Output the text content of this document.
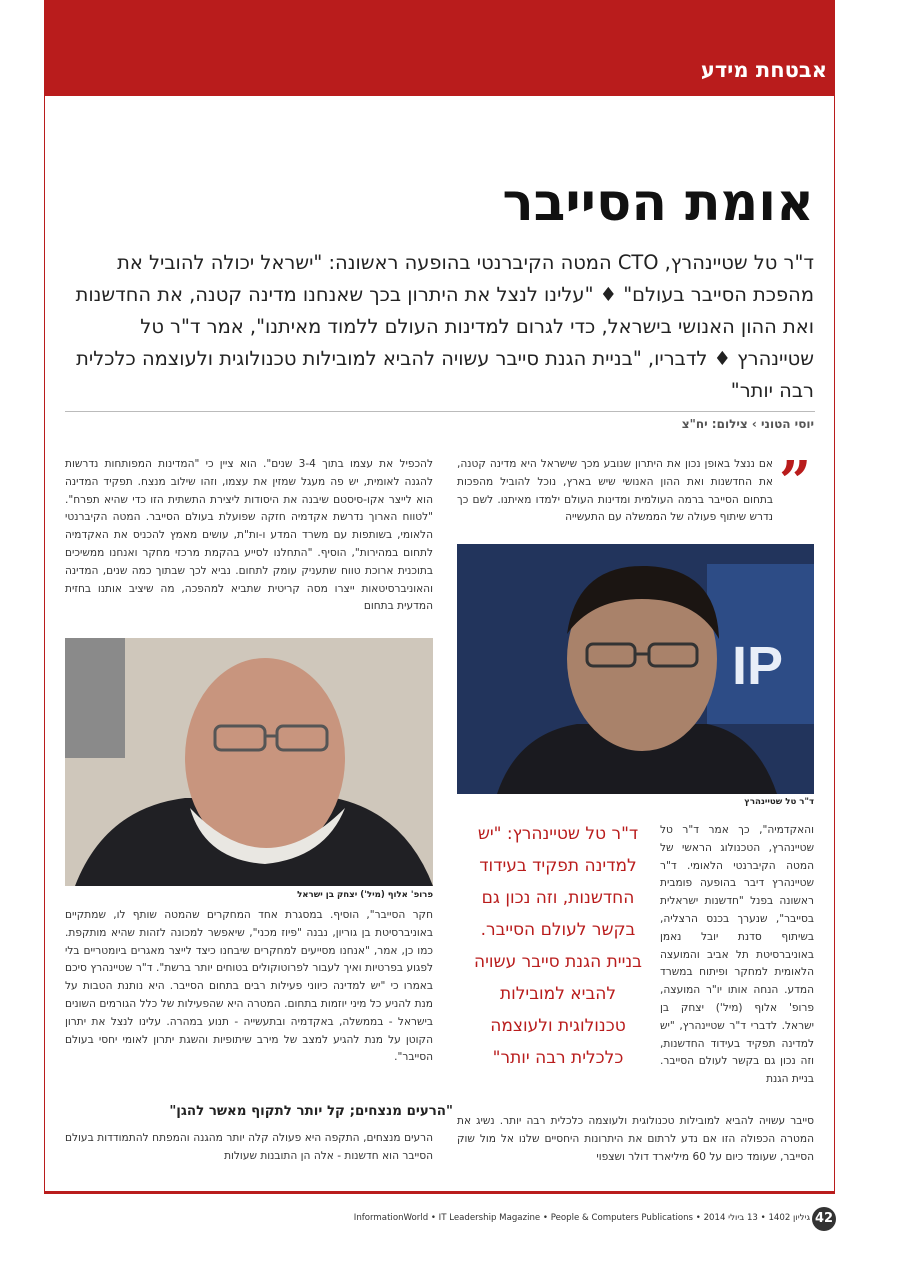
אבטחת מידע
אומת הסייבר
ד"ר טל שטיינהרץ, CTO המטה הקיברנטי בהופעה ראשונה: "ישראל יכולה להוביל את מהפכת הסייבר בעולם" ♦ "עלינו לנצל את היתרון בכך שאנחנו מדינה קטנה, את החדשנות ואת ההון האנושי בישראל, כדי לגרום למדינות העולם ללמוד מאיתנו", אמר ד"ר טל שטיינהרץ ♦ לדבריו, "בניית הגנת סייבר עשויה להביא למובילות טכנולוגית ולעוצמה כלכלית רבה יותר"
יוסי הטוני › צילום: יח"צ
”

אם ננצל באופן נכון את היתרון שנובע מכך שישראל היא מדינה קטנה, את החדשנות ואת ההון האנושי שיש בארץ, נוכל להוביל מהפכות בתחום הסייבר ברמה העולמית ומדינות העולם ילמדו מאיתנו. לשם כך נדרש שיתוף פעולה של הממשלה עם התעשייה

IP
ד"ר טל שטיינהרץ

והאקדמיה", כך אמר ד"ר טל שטיינהרץ, הטכנולוג הראשי של המטה הקיברנטי הלאומי. ד"ר שטיינהרץ דיבר בהופעה פומבית ראשונה בפנל "חדשנות ישראלית בסייבר", שנערך בכנס הרצליה, בשיתוף סדנת יובל נאמן באוניברסיטת תל אביב והמועצה הלאומית למחקר ופיתוח במשרד המדע. הנחה אותו יו"ר המועצה, פרופ' אלוף (מיל') יצחק בן ישראל. לדברי ד"ר שטיינהרץ, "יש למדינה תפקיד בעידוד החדשנות, וזה נכון גם בקשר לעולם הסייבר. בניית הגנת

ד"ר טל שטיינהרץ: "יש למדינה תפקיד בעידוד החדשנות, וזה נכון גם בקשר לעולם הסייבר. בניית הגנת סייבר עשויה להביא למובילות טכנולוגית ולעוצמה כלכלית רבה יותר"

סייבר עשויה להביא למובילות טכנולוגית ולעוצמה כלכלית רבה יותר. נשיג את המטרה הכפולה הזו אם נדע לרתום את היתרונות היחסיים שלנו אל מול שוק הסייבר, שעומד כיום על 60 מיליארד דולר ושצפוי

להכפיל את עצמו בתוך 3-4 שנים". הוא ציין כי "המדינות המפותחות נדרשות להגנה לאומית, יש פה מעגל שמזין את עצמו, וזהו שילוב מנצח. תפקיד המדינה הוא לייצר אקו-סיסטם שיבנה את היסודות ליצירת התשתית הזו כדי שהיא תפרח". "לטווח הארוך נדרשת אקדמיה חזקה שפועלת בעולם הסייבר. המטה הקיברנטי הלאומי, בשותפות עם משרד המדע ו-ות"ת, עושים מאמץ להכניס את האקדמיה לתחום במהירות", הוסיף. "התחלנו לסייע בהקמת מרכזי מחקר ואנחנו ממשיכים בתוכנית ארוכת טווח שתעניק עומק לתחום. נביא לכך שבתוך כמה שנים, המדינה והאוניברסיטאות ייצרו מסה קריטית שתביא למהפכה, מה שיציב אותנו בחזית המדעית בתחום

פרופ' אלוף (מיל') יצחק בן ישראל

חקר הסייבר", הוסיף. במסגרת אחד המחקרים שהמטה שותף לו, שמתקיים באוניברסיטת בן גוריון, נבנה "פיוז מכני", שיאפשר למכונה לזהות שהיא מותקפת. כמו כן, אמר, "אנחנו מסייעים למחקרים שיבחנו כיצד לייצר מאגרים ביומטריים בלי לפגוע בפרטיות ואיך לעבור לפרוטוקולים בטוחים יותר ברשת". ד"ר שטיינהרץ סיכם באמרו כי "יש למדינה כיווני פעילות רבים בתחום הסייבר. היא נותנת הטבות על מנת להניע כל מיני יוזמות בתחום. המטרה היא שהפעילות של כלל הגורמים השונים בישראל - בממשלה, באקדמיה ובתעשייה - תנוע במהרה. עלינו לנצל את יתרון הקוטן על מנת להגיע למצב של מירב שיתופיות והשגת יתרון לאומי יחסי בעולם הסייבר".

"הרעים מנצחים; קל יותר לתקוף מאשר להגן"

הרעים מנצחים, התקפה היא פעולה קלה יותר מהגנה והמפתח להתמודדות בעולם הסייבר הוא חדשנות - אלה הן התובנות שעולות

גיליון 1402 • 13 ביולי 2014 • InformationWorld • IT Leadership Magazine • People & Computers Publications 42
